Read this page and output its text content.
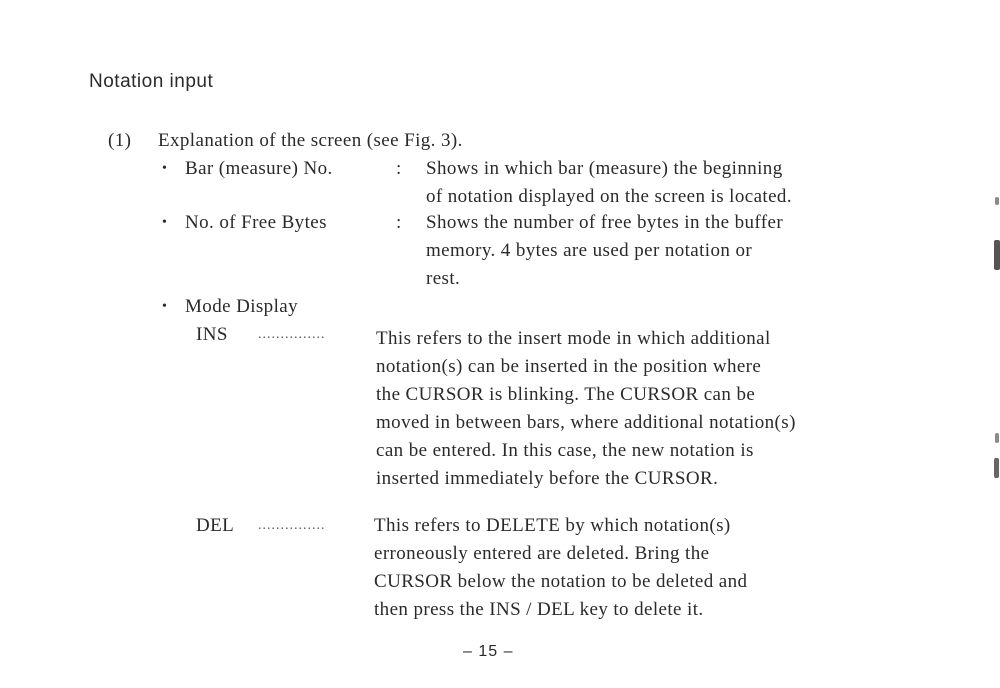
Notation input
(1) Explanation of the screen (see Fig. 3).
• Bar (measure) No.	: Shows in which bar (measure) the beginning
of notation displayed on the screen is located.
• No. of Free Bytes	: Shows the number of free bytes in the buffer
memory. 4 bytes are used per notation or
rest.
• Mode Display
INS ...............	This refers to the insert mode in which additional
notation(s) can be inserted in the position where
the CURSOR is blinking. The CURSOR can be
moved in between bars, where additional notation(s)
can be entered. In this case, the new notation is
inserted immediately before the CURSOR.
DEL ...............	This refers to DELETE by which notation(s)
erroneously entered are deleted. Bring the
CURSOR below the notation to be deleted and
then press the INS / DEL key to delete it.
– 15 –
